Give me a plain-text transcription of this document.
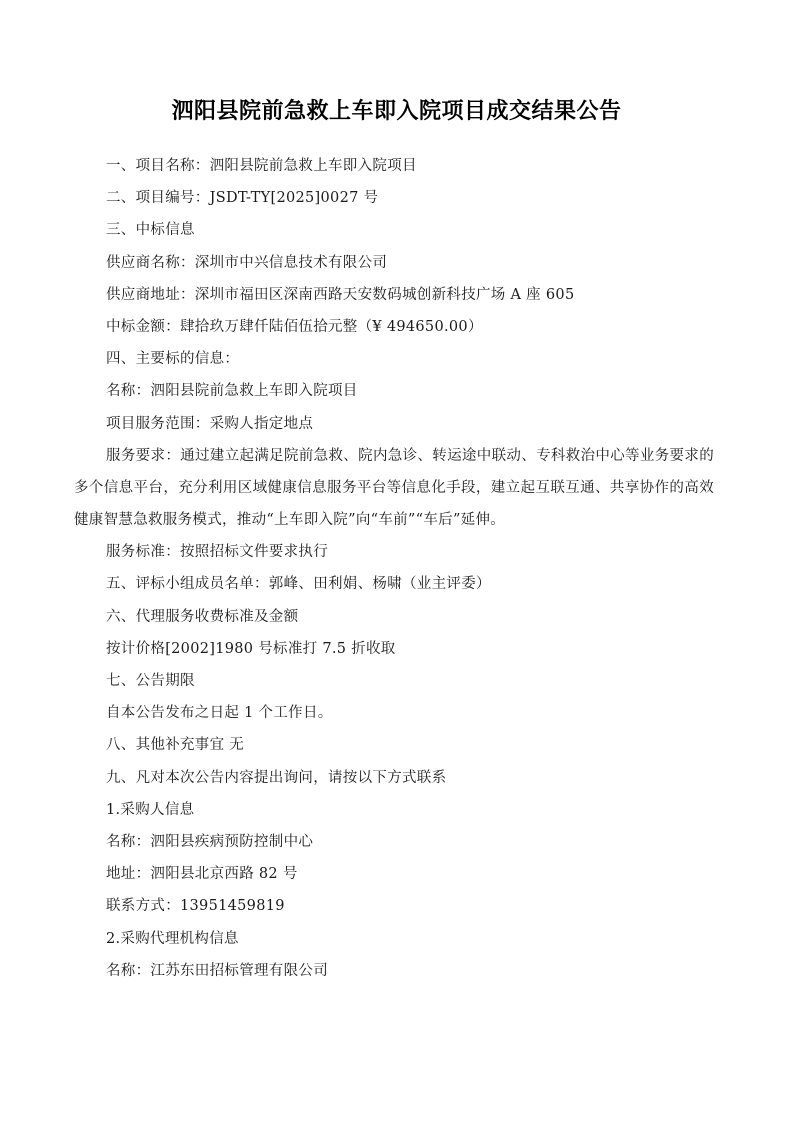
泗阳县院前急救上车即入院项目成交结果公告

一、项目名称：泗阳县院前急救上车即入院项目

二、项目编号：JSDT-TY[2025]0027 号

三、中标信息

供应商名称：深圳市中兴信息技术有限公司

供应商地址：深圳市福田区深南西路天安数码城创新科技广场 A 座 605

中标金额：肆拾玖万肆仟陆佰伍拾元整（¥ 494650.00）

四、主要标的信息：

名称：泗阳县院前急救上车即入院项目

项目服务范围：采购人指定地点

服务要求：通过建立起满足院前急救、院内急诊、转运途中联动、专科救治中心等业务要求的多个信息平台，充分利用区域健康信息服务平台等信息化手段，建立起互联互通、共享协作的高效健康智慧急救服务模式，推动“上车即入院”向“车前”“车后”延伸。

服务标准：按照招标文件要求执行

五、评标小组成员名单：郭峰、田利娟、杨啸（业主评委）

六、代理服务收费标准及金额

按计价格[2002]1980 号标准打 7.5 折收取

七、公告期限

自本公告发布之日起 1 个工作日。

八、其他补充事宜 无

九、凡对本次公告内容提出询问，请按以下方式联系

1.采购人信息

名称：泗阳县疾病预防控制中心

地址：泗阳县北京西路 82 号

联系方式：13951459819

2.采购代理机构信息

名称：江苏东田招标管理有限公司
